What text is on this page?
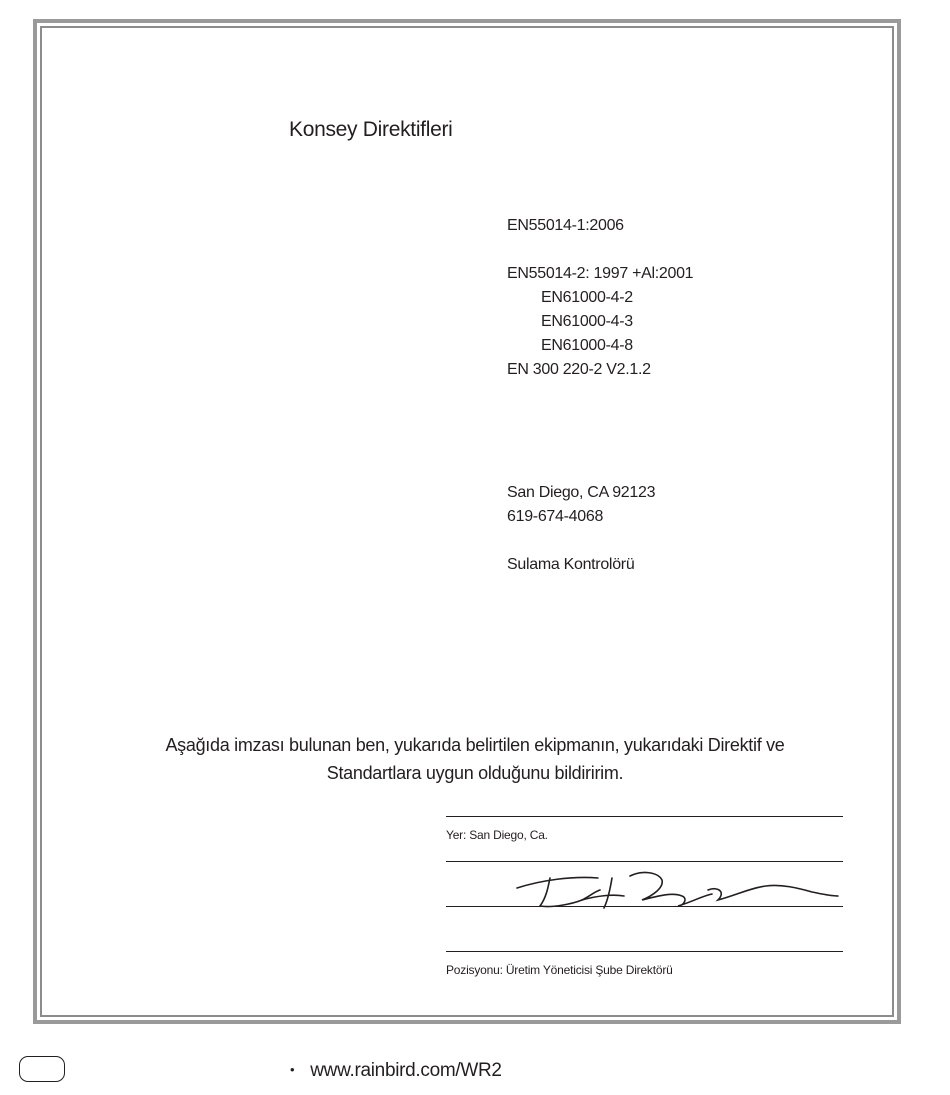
Konsey Direktifleri
EN55014-1:2006
EN55014-2: 1997 +Al:2001
EN61000-4-2
EN61000-4-3
EN61000-4-8
EN 300 220-2 V2.1.2
San Diego, CA 92123
619-674-4068
Sulama Kontrolörü
Aşağıda imzası bulunan ben, yukarıda belirtilen ekipmanın, yukarıdaki Direktif ve
Standartlara uygun olduğunu bildiririm.
Yer: San Diego, Ca.
Pozisyonu: Üretim Yöneticisi Şube Direktörü
• www.rainbird.com/WR2
